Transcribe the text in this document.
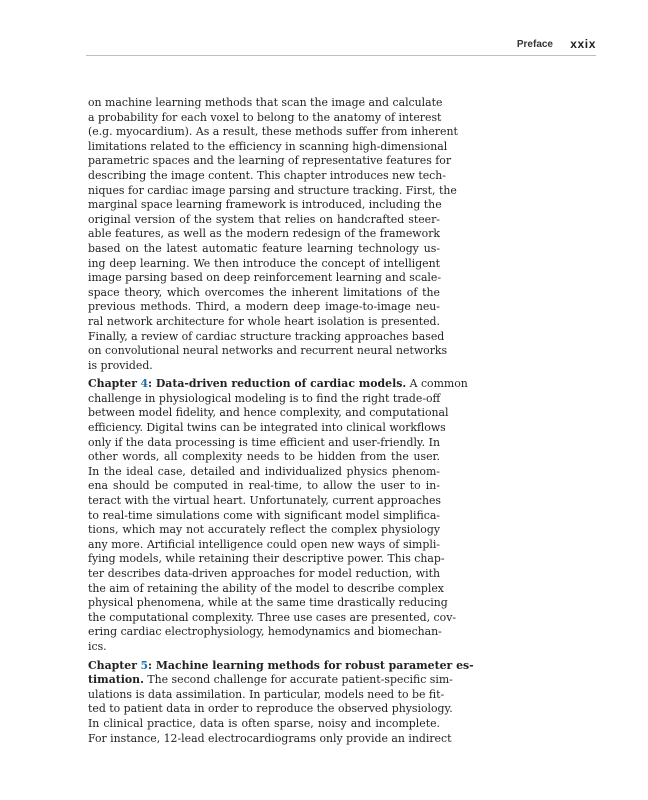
Preface xxix
on machine learning methods that scan the image and calculate
a probability for each voxel to belong to the anatomy of interest
(e.g. myocardium). As a result, these methods suffer from inherent
limitations related to the efficiency in scanning high-dimensional
parametric spaces and the learning of representative features for
describing the image content. This chapter introduces new tech-
niques for cardiac image parsing and structure tracking. First, the
marginal space learning framework is introduced, including the
original version of the system that relies on handcrafted steer-
able features, as well as the modern redesign of the framework
based on the latest automatic feature learning technology us-
ing deep learning. We then introduce the concept of intelligent
image parsing based on deep reinforcement learning and scale-
space theory, which overcomes the inherent limitations of the
previous methods. Third, a modern deep image-to-image neu-
ral network architecture for whole heart isolation is presented.
Finally, a review of cardiac structure tracking approaches based
on convolutional neural networks and recurrent neural networks
is provided.
Chapter 4: Data-driven reduction of cardiac models. A common
challenge in physiological modeling is to find the right trade-off
between model fidelity, and hence complexity, and computational
efficiency. Digital twins can be integrated into clinical workflows
only if the data processing is time efficient and user-friendly. In
other words, all complexity needs to be hidden from the user.
In the ideal case, detailed and individualized physics phenom-
ena should be computed in real-time, to allow the user to in-
teract with the virtual heart. Unfortunately, current approaches
to real-time simulations come with significant model simplifica-
tions, which may not accurately reflect the complex physiology
any more. Artificial intelligence could open new ways of simpli-
fying models, while retaining their descriptive power. This chap-
ter describes data-driven approaches for model reduction, with
the aim of retaining the ability of the model to describe complex
physical phenomena, while at the same time drastically reducing
the computational complexity. Three use cases are presented, cov-
ering cardiac electrophysiology, hemodynamics and biomechan-
ics.
Chapter 5: Machine learning methods for robust parameter es-
timation. The second challenge for accurate patient-specific sim-
ulations is data assimilation. In particular, models need to be fit-
ted to patient data in order to reproduce the observed physiology.
In clinical practice, data is often sparse, noisy and incomplete.
For instance, 12-lead electrocardiograms only provide an indirect
